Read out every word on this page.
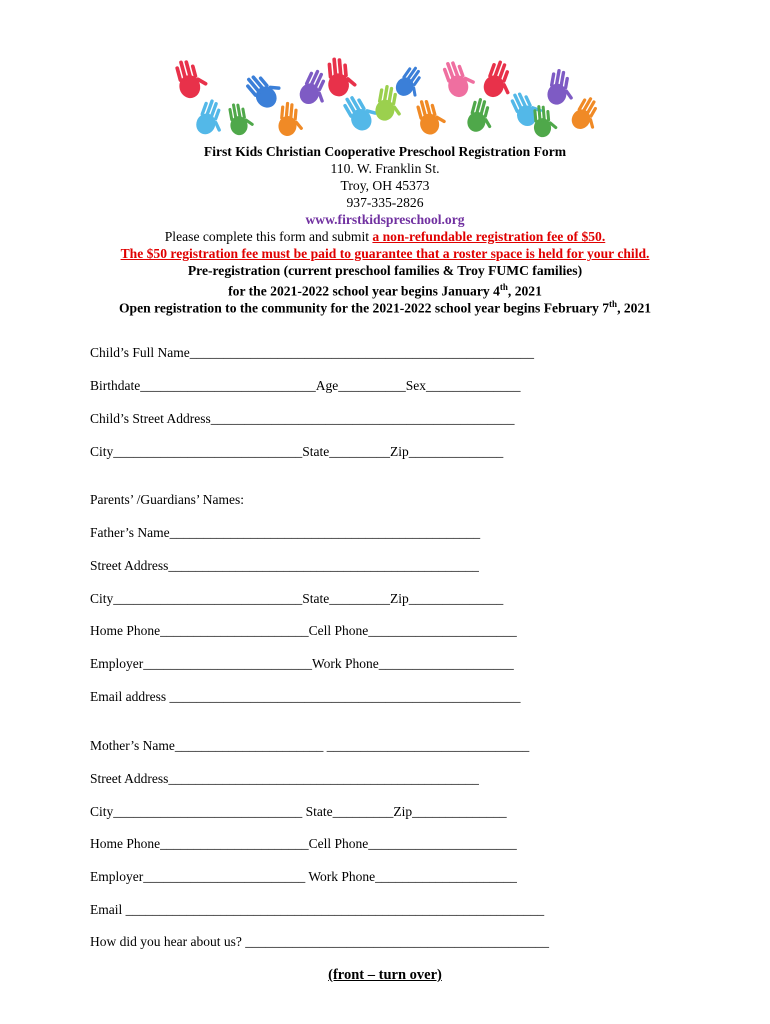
First Kids Christian Cooperative Preschool Registration Form
110. W. Franklin St.
Troy, OH 45373
937-335-2826
www.firstkidspreschool.org
Please complete this form and submit a non-refundable registration fee of $50.
The $50 registration fee must be paid to guarantee that a roster space is held for your child.
Pre-registration (current preschool families & Troy FUMC families)
for the 2021-2022 school year begins January 4th, 2021
Open registration to the community for the 2021-2022 school year begins February 7th, 2021
Child’s Full Name___________________________________________________
Birthdate__________________________Age__________Sex______________
Child’s Street Address_____________________________________________
City____________________________State_________Zip______________
Parents’ /Guardians’ Names:
Father’s Name______________________________________________
Street Address______________________________________________
City____________________________State_________Zip______________
Home Phone______________________Cell Phone______________________
Employer_________________________Work Phone____________________
Email address ____________________________________________________
Mother’s Name______________________ ______________________________
Street Address______________________________________________
City____________________________ State_________Zip______________
Home Phone______________________Cell Phone______________________
Employer________________________ Work Phone_____________________
Email ______________________________________________________________
How did you hear about us? _____________________________________________
(front – turn over)
